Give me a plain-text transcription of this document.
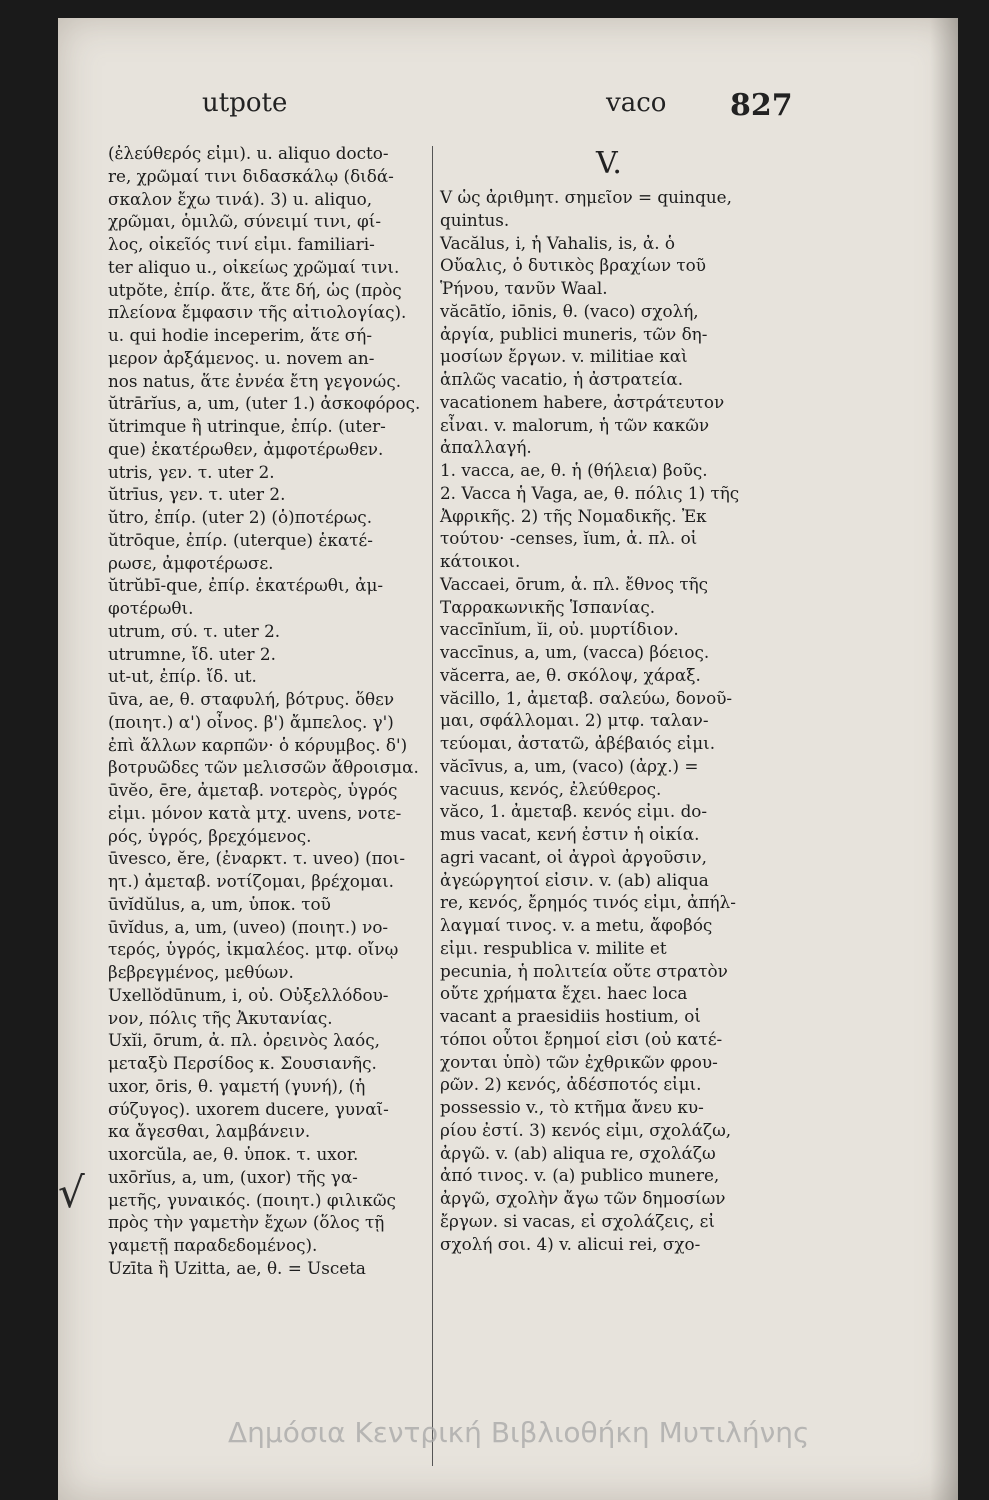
utpote	vaco 827
(ἐλεύθερός εἰμι). u. aliquo docto-
re, χρῶμαί τινι διδασκάλῳ (διδά-
σκαλον ἔχω τινά). 3) u. aliquo,
χρῶμαι, ὁμιλῶ, σύνειμί τινι, φί-
λος, οἰκεῖός τινί εἰμι. familiari-
ter aliquo u., οἰκείως χρῶμαί τινι.
utpŏte, ἐπίρ. ἅτε, ἅτε δή, ὡς (πρὸς
πλείονα ἔμφασιν τῆς αἰτιολογίας).
u. qui hodie inceperim, ἅτε σή-
μερον ἀρξάμενος. u. novem an-
nos natus, ἅτε ἐννέα ἔτη γεγονώς.
ŭtrārĭus, a, um, (uter 1.) ἀσκοφόρος.
ŭtrimque ἢ utrinque, ἐπίρ. (uter-
que) ἑκατέρωθεν, ἀμφοτέρωθεν.
utris, γεν. τ. uter 2.
ŭtrīus, γεν. τ. uter 2.
ŭtro, ἐπίρ. (uter 2) (ὁ)ποτέρως.
ŭtrōque, ἐπίρ. (uterque) ἑκατέ-
ρωσε, ἀμφοτέρωσε.
ŭtrŭbī-que, ἐπίρ. ἑκατέρωθι, ἀμ-
φοτέρωθι.
utrum, σύ. τ. uter 2.
utrumne, ἴδ. uter 2.
ut-ut, ἐπίρ. ἴδ. ut.
ūva, ae, θ. σταφυλή, βότρυς. ὅθεν
(ποιητ.) α') οἶνος. β') ἄμπελος. γ')
ἐπὶ ἄλλων καρπῶν· ὁ κόρυμβος. δ')
βοτρυῶδες τῶν μελισσῶν ἄθροισμα.
ūvĕo, ēre, ἀμεταβ. νοτερὸς, ὑγρός
εἰμι. μόνον κατὰ μτχ. uvens, νοτε-
ρός, ὑγρός, βρεχόμενος.
ūvesco, ĕre, (ἐναρκτ. τ. uveo) (ποι-
ητ.) ἀμεταβ. νοτίζομαι, βρέχομαι.
ūvĭdŭlus, a, um, ὑποκ. τοῦ
ūvĭdus, a, um, (uveo) (ποιητ.) νο-
τερός, ὑγρός, ἰκμαλέος. μτφ. οἴνῳ
βεβρεγμένος, μεθύων.
Uxellŏdūnum, i, οὐ. Οὐξελλόδου-
νον, πόλις τῆς Ἀκυτανίας.
Uxĭi, ōrum, ἀ. πλ. ὀρεινὸς λαός,
μεταξὺ Περσίδος κ. Σουσιανῆς.
uxor, ōris, θ. γαμετή (γυνή), (ἡ
σύζυγος). uxorem ducere, γυναῖ-
κα ἄγεσθαι, λαμβάνειν.
uxorcŭla, ae, θ. ὑποκ. τ. uxor.
uxōrĭus, a, um, (uxor) τῆς γα-
μετῆς, γυναικός. (ποιητ.) φιλικῶς
πρὸς τὴν γαμετὴν ἔχων (ὅλος τῇ
γαμετῇ παραδεδομένος).
Uzīta ἢ Uzitta, ae, θ. = Usceta
V.
V ὡς ἀριθμητ. σημεῖον = quinque,
quintus.
Vacălus, i, ἡ Vahalis, is, ἀ. ὁ
Οὔαλις, ὁ δυτικὸς βραχίων τοῦ
Ῥήνου, τανῦν Waal.
văcātĭo, iōnis, θ. (vaco) σχολή,
ἀργία, publici muneris, τῶν δη-
μοσίων ἔργων. v. militiae καὶ
ἁπλῶς vacatio, ἡ ἀστρατεία.
vacationem habere, ἀστράτευτον
εἶναι. v. malorum, ἡ τῶν κακῶν
ἀπαλλαγή.
1. vacca, ae, θ. ἡ (θήλεια) βοῦς.
2. Vacca ἡ Vaga, ae, θ. πόλις 1) τῆς
Ἀφρικῆς. 2) τῆς Νομαδικῆς. Ἐκ
τούτου· -censes, ĭum, ἀ. πλ. οἱ
κάτοικοι.
Vaccaei, ōrum, ἀ. πλ. ἔθνος τῆς
Ταρρακωνικῆς Ἱσπανίας.
vaccīnĭum, ĭi, οὐ. μυρτίδιον.
vaccīnus, a, um, (vacca) βόειος.
văcerra, ae, θ. σκόλοψ, χάραξ.
văcillo, 1, ἀμεταβ. σαλεύω, δονοῦ-
μαι, σφάλλομαι. 2) μτφ. ταλαν-
τεύομαι, ἀστατῶ, ἀβέβαιός εἰμι.
văcīvus, a, um, (vaco) (ἀρχ.) =
vacuus, κενός, ἐλεύθερος.
văco, 1. ἀμεταβ. κενός εἰμι. do-
mus vacat, κενή ἐστιν ἡ οἰκία.
agri vacant, οἱ ἀγροὶ ἀργοῦσιν,
ἀγεώργητοί εἰσιν. v. (ab) aliqua
re, κενός, ἔρημός τινός εἰμι, ἀπήλ-
λαγμαί τινος. v. a metu, ἄφοβός
εἰμι. respublica v. milite et
pecunia, ἡ πολιτεία οὔτε στρατὸν
οὔτε χρήματα ἔχει. haec loca
vacant a praesidiis hostium, οἱ
τόποι οὗτοι ἔρημοί εἰσι (οὐ κατέ-
χονται ὑπὸ) τῶν ἐχθρικῶν φρου-
ρῶν. 2) κενός, ἀδέσποτός εἰμι.
possessio v., τὸ κτῆμα ἄνευ κυ-
ρίου ἐστί. 3) κενός εἰμι, σχολάζω,
ἀργῶ. v. (ab) aliqua re, σχολάζω
ἀπό τινος. v. (a) publico munere,
ἀργῶ, σχολὴν ἄγω τῶν δημοσίων
ἔργων. si vacas, εἰ σχολάζεις, εἰ
σχολή σοι. 4) v. alicui rei, σχο-
√
Δημόσια Κεντρική Βιβλιοθήκη Μυτιλήνης
